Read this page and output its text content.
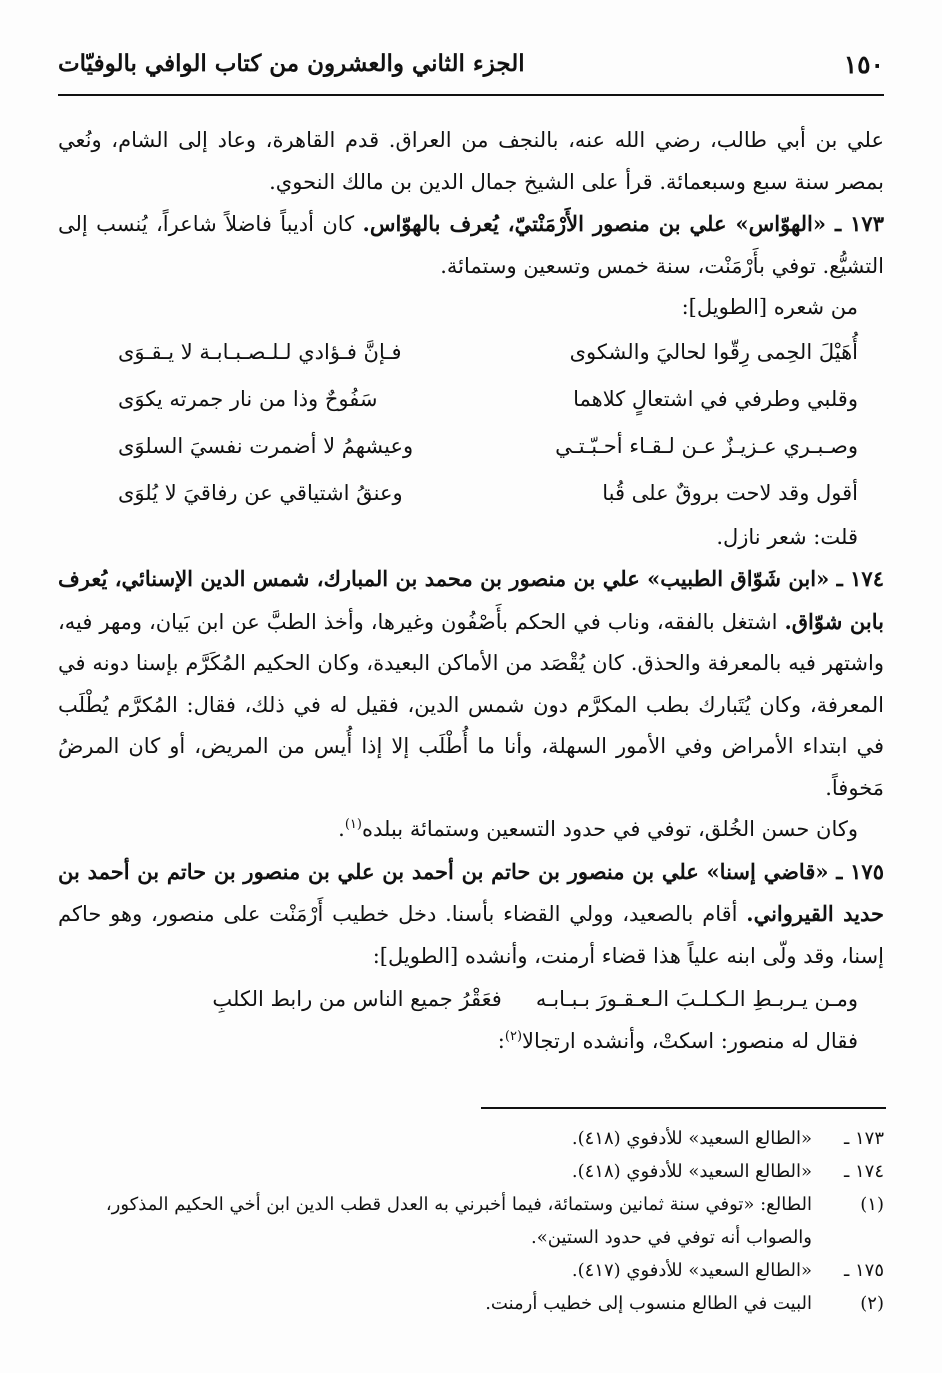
١٥٠
الجزء الثاني والعشرون من كتاب الوافي بالوفيّات

علي بن أبي طالب، رضي الله عنه، بالنجف من العراق. قدم القاهرة، وعاد إلى الشام، ونُعي بمصر سنة سبع وسبعمائة. قرأ على الشيخ جمال الدين بن مالك النحوي.

١٧٣ ـ «الهوّاس» علي بن منصور الأَرْمَنْتيّ، يُعرف بالهوّاس. كان أديباً فاضلاً شاعراً، يُنسب إلى التشيُّع. توفي بأَرْمَنْت، سنة خمس وتسعين وستمائة.

من شعره [الطويل]:

أُهَيْلَ الحِمى رِقّوا لحاليَ والشكوى
فـإنَّ فـؤادي لـلـصـبـابـة لا يـقـوَى
وقلبي وطرفي في اشتعالٍ كلاهما
سَفُوحٌ وذا من نار جمرته يكوَى
وصـبـري عـزيـزٌ عـن لـقـاء أحـبّـتـي
وعيشهمُ لا أضمرت نفسيَ السلوَى
أقول وقد لاحت بروقٌ على قُبا
وعنقُ اشتياقي عن رفاقيَ لا يُلوَى

قلت: شعر نازل.

١٧٤ ـ «ابن شَوّاق الطبيب» علي بن منصور بن محمد بن المبارك، شمس الدين الإسنائي، يُعرف بابن شوّاق. اشتغل بالفقه، وناب في الحكم بأَصْفُون وغيرها، وأخذ الطبَّ عن ابن بَيان، ومهر فيه، واشتهر فيه بالمعرفة والحذق. كان يُقْصَد من الأماكن البعيدة، وكان الحكيم المُكَرَّم بإسنا دونه في المعرفة، وكان يُتَبارك بطب المكرَّم دون شمس الدين، فقيل له في ذلك، فقال: المُكرَّم يُطْلَب في ابتداء الأمراض وفي الأمور السهلة، وأنا ما أُطْلَب إلا إذا أُيس من المريض، أو كان المرضُ مَخوفاً.

وكان حسن الخُلق، توفي في حدود التسعين وستمائة ببلده$^{(١)}$.

١٧٥ ـ «قاضي إسنا» علي بن منصور بن حاتم بن أحمد بن علي بن منصور بن حاتم بن أحمد بن حديد القيرواني. أقام بالصعيد، وولي القضاء بأسنا. دخل خطيب أَرْمَنْت على منصور، وهو حاكم إسنا، وقد ولّى ابنه علياً هذا قضاء أرمنت، وأنشده [الطويل]:

ومـن يـربـطِ الـكـلـبَ الـعـقـورَ بـبـابـه
فعَقْرُ جميع الناس من رابط الكلبِ

فقال له منصور: اسكتْ، وأنشده ارتجالا$^{(٢)}$:

١٧٣ ـ
«الطالع السعيد» للأدفوي (٤١٨).
١٧٤ ـ
«الطالع السعيد» للأدفوي (٤١٨).
(١)
الطالع: «توفي سنة ثمانين وستمائة، فيما أخبرني به العدل قطب الدين ابن أخي الحكيم المذكور، والصواب أنه توفي في حدود الستين».
١٧٥ ـ
«الطالع السعيد» للأدفوي (٤١٧).
(٢)
البيت في الطالع منسوب إلى خطيب أرمنت.
